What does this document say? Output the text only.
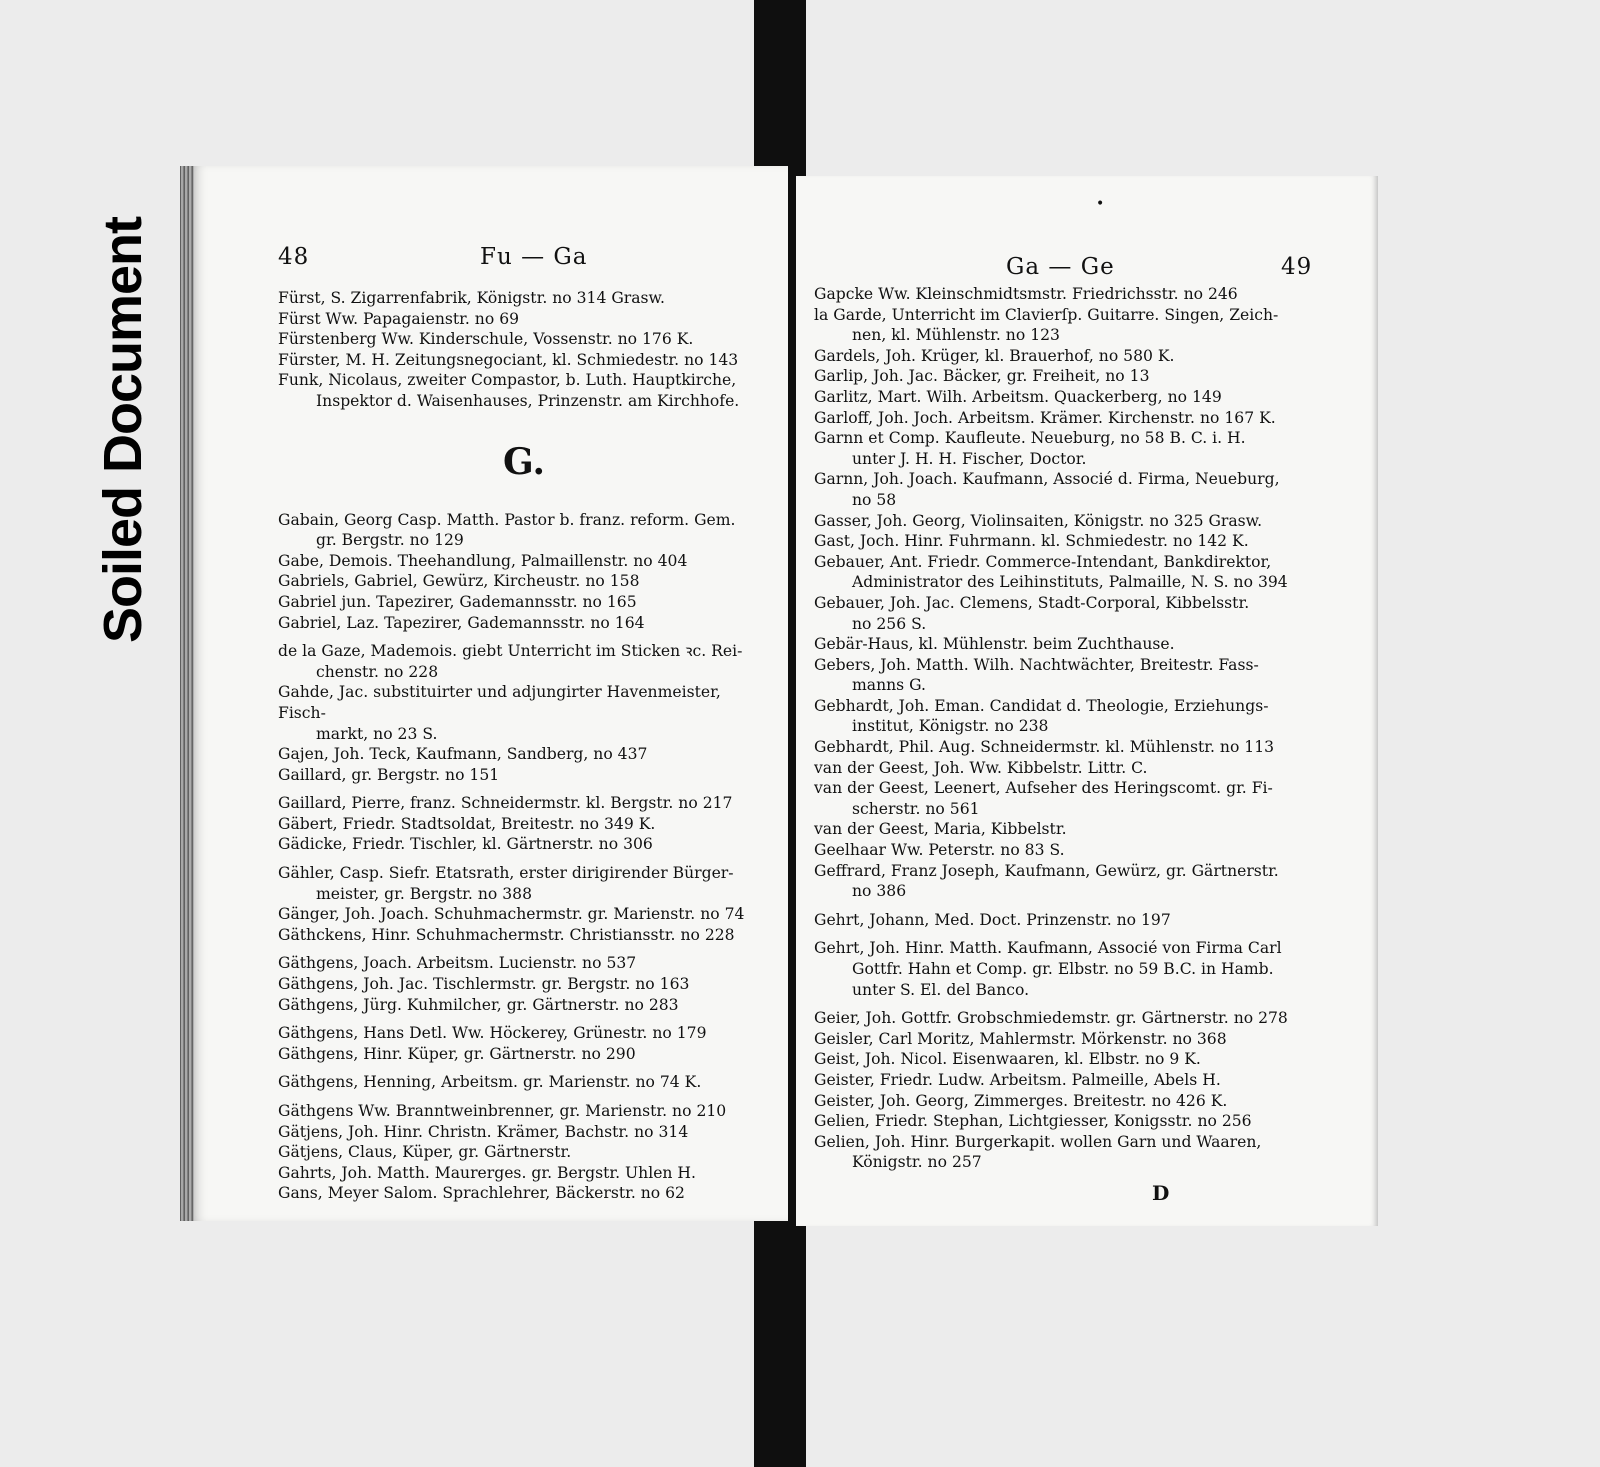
Soiled Document	48	Fu — Ga
Fürst, S. Zigarrenfabrik, Königstr. no 314 Grasw.
Fürst Ww. Papagaienstr. no 69
Fürstenberg Ww. Kinderschule, Vossenstr. no 176 K.
Fürster, M. H. Zeitungsnegociant, kl. Schmiedestr. no 143
Funk, Nicolaus, zweiter Compastor, b. Luth. Hauptkirche,
Inspektor d. Waisenhauses, Prinzenstr. am Kirchhofe.
G.
Gabain, Georg Casp. Matth. Pastor b. franz. reform. Gem.
gr. Bergstr. no 129
Gabe, Demois. Theehandlung, Palmaillenstr. no 404
Gabriels, Gabriel, Gewürz, Kircheustr. no 158
Gabriel jun. Tapezirer, Gademannsstr. no 165
Gabriel, Laz. Tapezirer, Gademannsstr. no 164
de la Gaze, Mademois. giebt Unterricht im Sticken ꝛc. Rei-
chenstr. no 228
Gahde, Jac. substituirter und adjungirter Havenmeister, Fisch-
markt, no 23 S.
Gajen, Joh. Teck, Kaufmann, Sandberg, no 437
Gaillard, gr. Bergstr. no 151
Gaillard, Pierre, franz. Schneidermstr. kl. Bergstr. no 217
Gäbert, Friedr. Stadtsoldat, Breitestr. no 349 K.
Gädicke, Friedr. Tischler, kl. Gärtnerstr. no 306
Gähler, Casp. Siefr. Etatsrath, erster dirigirender Bürger-
meister, gr. Bergstr. no 388
Gänger, Joh. Joach. Schuhmachermstr. gr. Marienstr. no 74
Gäthckens, Hinr. Schuhmachermstr. Christiansstr. no 228
Gäthgens, Joach. Arbeitsm. Lucienstr. no 537
Gäthgens, Joh. Jac. Tischlermstr. gr. Bergstr. no 163
Gäthgens, Jürg. Kuhmilcher, gr. Gärtnerstr. no 283
Gäthgens, Hans Detl. Ww. Höckerey, Grünestr. no 179
Gäthgens, Hinr. Küper, gr. Gärtnerstr. no 290
Gäthgens, Henning, Arbeitsm. gr. Marienstr. no 74 K.
Gäthgens Ww. Branntweinbrenner, gr. Marienstr. no 210
Gätjens, Joh. Hinr. Christn. Krämer, Bachstr. no 314
Gätjens, Claus, Küper, gr. Gärtnerstr.
Gahrts, Joh. Matth. Maurerges. gr. Bergstr. Uhlen H.
Gans, Meyer Salom. Sprachlehrer, Bäckerstr. no 62
•
Ga — Ge	49
Gapcke Ww. Kleinschmidtsmstr. Friedrichsstr. no 246
la Garde, Unterricht im Clavierſp. Guitarre. Singen, Zeich-
nen, kl. Mühlenstr. no 123
Gardels, Joh. Krüger, kl. Brauerhof, no 580 K.
Garlip, Joh. Jac. Bäcker, gr. Freiheit, no 13
Garlitz, Mart. Wilh. Arbeitsm. Quackerberg, no 149
Garloff, Joh. Joch. Arbeitsm. Krämer. Kirchenstr. no 167 K.
Garnn et Comp. Kaufleute. Neueburg, no 58 B. C. i. H.
unter J. H. H. Fischer, Doctor.
Garnn, Joh. Joach. Kaufmann, Associé d. Firma, Neueburg,
no 58
Gasser, Joh. Georg, Violinsaiten, Königstr. no 325 Grasw.
Gast, Joch. Hinr. Fuhrmann. kl. Schmiedestr. no 142 K.
Gebauer, Ant. Friedr. Commerce-Intendant, Bankdirektor,
Administrator des Leihinstituts, Palmaille, N. S. no 394
Gebauer, Joh. Jac. Clemens, Stadt-Corporal, Kibbelsstr.
no 256 S.
Gebär-Haus, kl. Mühlenstr. beim Zuchthause.
Gebers, Joh. Matth. Wilh. Nachtwächter, Breitestr. Fass-
manns G.
Gebhardt, Joh. Eman. Candidat d. Theologie, Erziehungs-
institut, Königstr. no 238
Gebhardt, Phil. Aug. Schneidermstr. kl. Mühlenstr. no 113
van der Geest, Joh. Ww. Kibbelstr. Littr. C.
van der Geest, Leenert, Aufseher des Heringscomt. gr. Fi-
scherstr. no 561
van der Geest, Maria, Kibbelstr.
Geelhaar Ww. Peterstr. no 83 S.
Geffrard, Franz Joseph, Kaufmann, Gewürz, gr. Gärtnerstr.
no 386
Gehrt, Johann, Med. Doct. Prinzenstr. no 197
Gehrt, Joh. Hinr. Matth. Kaufmann, Associé von Firma Carl
Gottfr. Hahn et Comp. gr. Elbstr. no 59 B.C. in Hamb.
unter S. El. del Banco.
Geier, Joh. Gottfr. Grobschmiedemstr. gr. Gärtnerstr. no 278
Geisler, Carl Moritz, Mahlermstr. Mörkenstr. no 368
Geist, Joh. Nicol. Eisenwaaren, kl. Elbstr. no 9 K.
Geister, Friedr. Ludw. Arbeitsm. Palmeille, Abels H.
Geister, Joh. Georg, Zimmerges. Breitestr. no 426 K.
Gelien, Friedr. Stephan, Lichtgiesser, Konigsstr. no 256
Gelien, Joh. Hinr. Burgerkapit. wollen Garn und Waaren,
Königstr. no 257
D
